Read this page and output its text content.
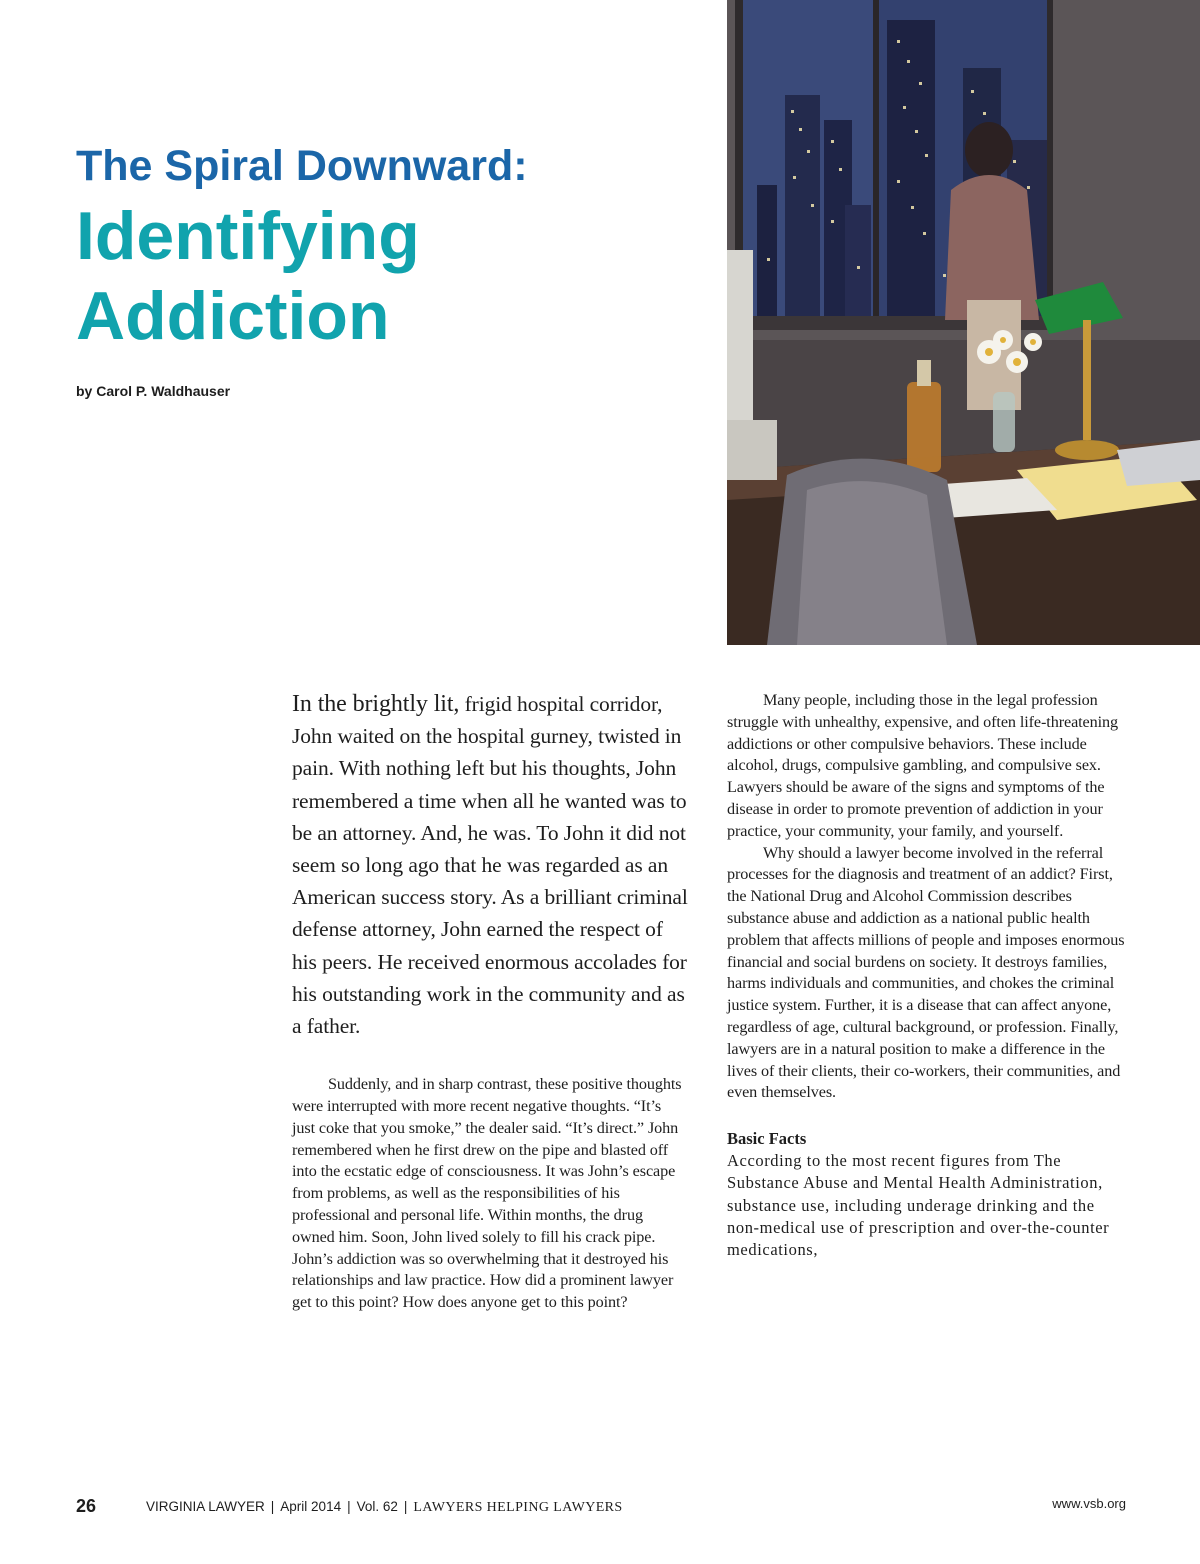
The Spiral Downward:
Identifying
Addiction
by Carol P. Waldhauser

In the brightly lit, frigid hospital corridor, John waited on the hospital gurney, twisted in pain. With nothing left but his thoughts, John remembered a time when all he wanted was to be an attorney. And, he was. To John it did not seem so long ago that he was regarded as an American success story. As a brilliant criminal defense attorney, John earned the respect of his peers. He received enormous accolades for his outstanding work in the community and as a father.

Suddenly, and in sharp contrast, these positive thoughts were interrupted with more recent negative thoughts. “It’s just coke that you smoke,” the dealer said. “It’s direct.” John remembered when he first drew on the pipe and blasted off into the ecstatic edge of consciousness. It was John’s escape from problems, as well as the responsibilities of his professional and personal life. Within months, the drug owned him. Soon, John lived solely to fill his crack pipe. John’s addiction was so overwhelming that it destroyed his relationships and law practice. How did a prominent lawyer get to this point? How does anyone get to this point?

Many people, including those in the legal profession struggle with unhealthy, expensive, and often life-threatening addictions or other compulsive behaviors. These include alcohol, drugs, compulsive gambling, and compulsive sex. Lawyers should be aware of the signs and symptoms of the disease in order to promote prevention of addiction in your practice, your community, your family, and yourself.

Why should a lawyer become involved in the referral processes for the diagnosis and treatment of an addict? First, the National Drug and Alcohol Commission describes substance abuse and addiction as a national public health problem that affects millions of people and imposes enormous financial and social burdens on society. It destroys families, harms individuals and communities, and chokes the criminal justice system. Further, it is a disease that can affect anyone, regardless of age, cultural background, or profession. Finally, lawyers are in a natural position to make a difference in the lives of their clients, their co-workers, their communities, and even themselves.

Basic Facts

According to the most recent figures from The Substance Abuse and Mental Health Administration, substance use, including underage drinking and the non-medical use of prescription and over-the-counter medications,

26	VIRGINIA LAWYER | April 2014 | Vol. 62 | LAWYERS HELPING LAWYERS	www.vsb.org
